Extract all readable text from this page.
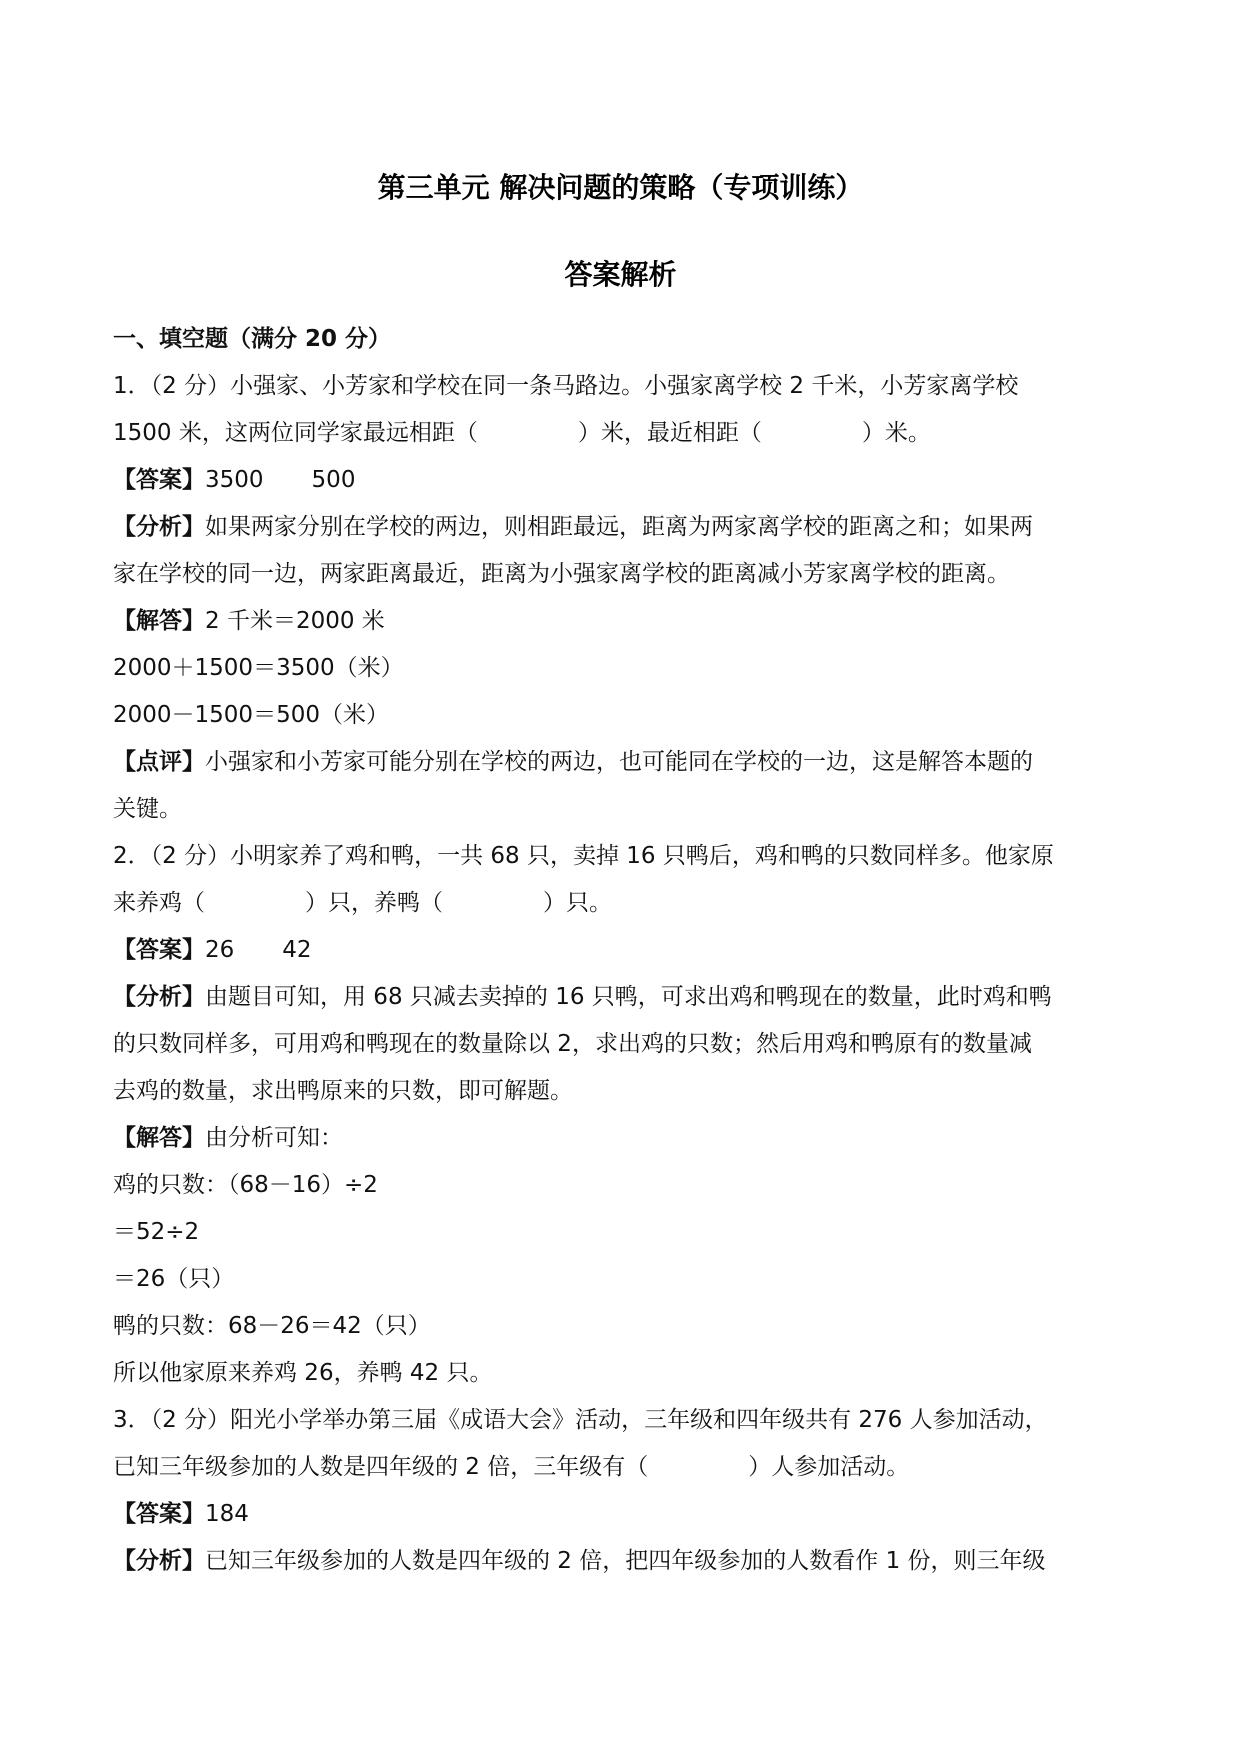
第三单元 解决问题的策略（专项训练）
答案解析
一、填空题（满分 20 分）
1．（2 分）小强家、小芳家和学校在同一条马路边。小强家离学校 2 千米，小芳家离学校
1500 米，这两位同学家最远相距（	）米，最近相距（	）米。
【答案】3500 500
【分析】如果两家分别在学校的两边，则相距最远，距离为两家离学校的距离之和；如果两
家在学校的同一边，两家距离最近，距离为小强家离学校的距离减小芳家离学校的距离。
【解答】2 千米＝2000 米
2000＋1500＝3500（米）
2000－1500＝500（米）
【点评】小强家和小芳家可能分别在学校的两边，也可能同在学校的一边，这是解答本题的
关键。
2．（2 分）小明家养了鸡和鸭，一共 68 只，卖掉 16 只鸭后，鸡和鸭的只数同样多。他家原
来养鸡（	）只，养鸭（	）只。
【答案】26 42
【分析】由题目可知，用 68 只减去卖掉的 16 只鸭，可求出鸡和鸭现在的数量，此时鸡和鸭
的只数同样多，可用鸡和鸭现在的数量除以 2，求出鸡的只数；然后用鸡和鸭原有的数量减
去鸡的数量，求出鸭原来的只数，即可解题。
【解答】由分析可知：
鸡的只数：（68－16）÷2
＝52÷2
＝26（只）
鸭的只数：68－26＝42（只）
所以他家原来养鸡 26，养鸭 42 只。
3．（2 分）阳光小学举办第三届《成语大会》活动，三年级和四年级共有 276 人参加活动，
已知三年级参加的人数是四年级的 2 倍，三年级有（	）人参加活动。
【答案】184
【分析】已知三年级参加的人数是四年级的 2 倍，把四年级参加的人数看作 1 份，则三年级
